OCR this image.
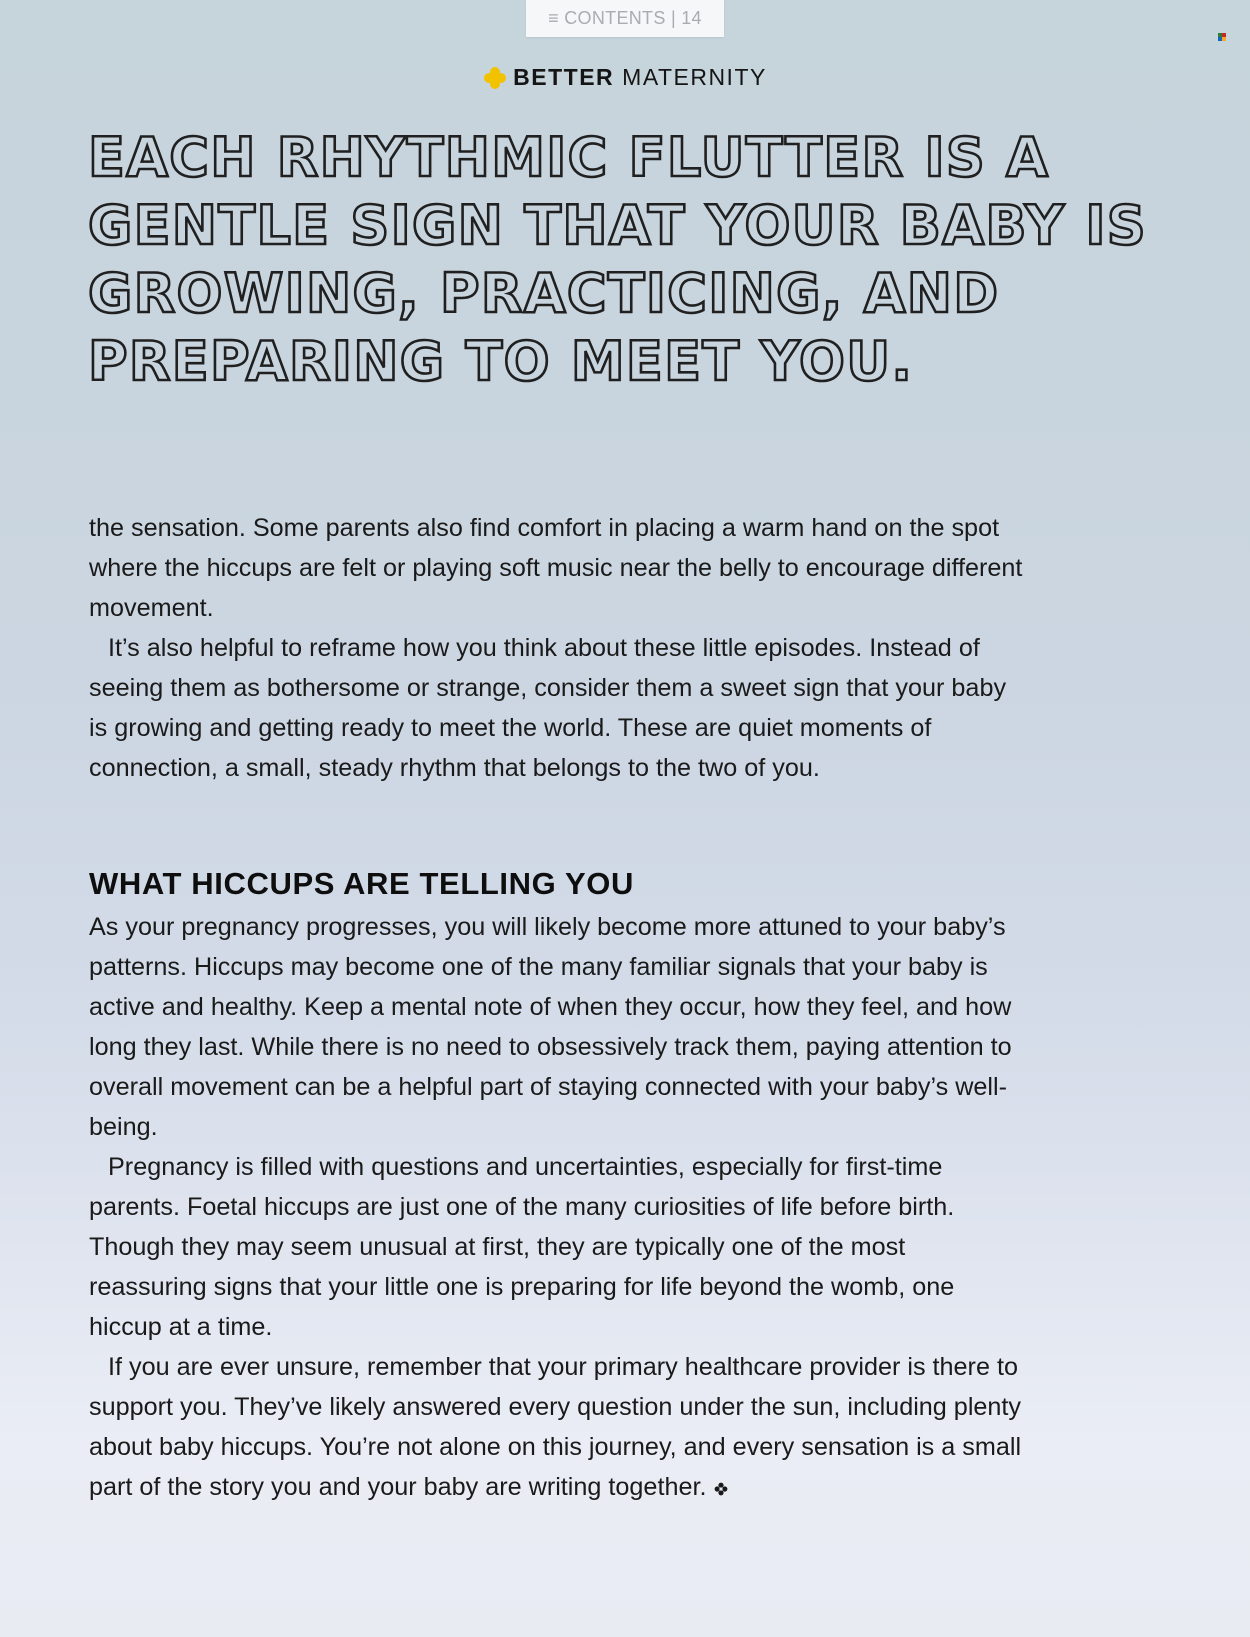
≡ CONTENTS | 14
BETTER MATERNITY
EACH RHYTHMIC FLUTTER IS A GENTLE SIGN THAT YOUR BABY IS GROWING, PRACTICING, AND PREPARING TO MEET YOU.

the sensation. Some parents also find comfort in placing a warm hand on the spot where the hiccups are felt or playing soft music near the belly to encourage different movement.

It’s also helpful to reframe how you think about these little episodes. Instead of seeing them as bothersome or strange, consider them a sweet sign that your baby is growing and getting ready to meet the world. These are quiet moments of connection, a small, steady rhythm that belongs to the two of you.

WHAT HICCUPS ARE TELLING YOU

As your pregnancy progresses, you will likely become more attuned to your baby’s patterns. Hiccups may become one of the many familiar signals that your baby is active and healthy. Keep a mental note of when they occur, how they feel, and how long they last. While there is no need to obsessively track them, paying attention to overall movement can be a helpful part of staying connected with your baby’s well-being.

Pregnancy is filled with questions and uncertainties, especially for first-time parents. Foetal hiccups are just one of the many curiosities of life before birth. Though they may seem unusual at first, they are typically one of the most reassuring signs that your little one is preparing for life beyond the womb, one hiccup at a time.

If you are ever unsure, remember that your primary healthcare provider is there to support you. They’ve likely answered every question under the sun, including plenty about baby hiccups. You’re not alone on this journey, and every sensation is a small part of the story you and your baby are writing together.
